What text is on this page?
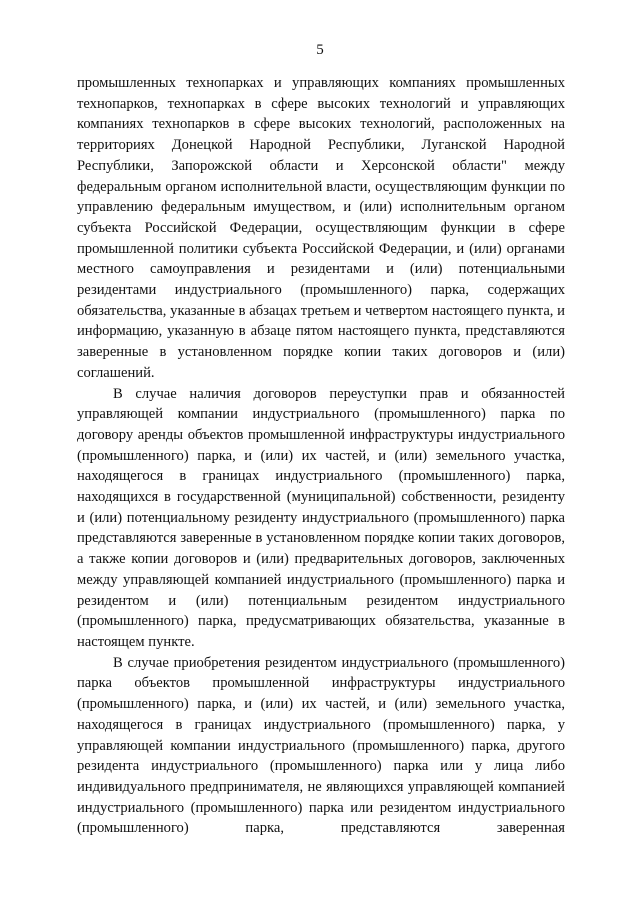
5

промышленных технопарках и управляющих компаниях промышленных технопарков, технопарках в сфере высоких технологий и управляющих компаниях технопарков в сфере высоких технологий, расположенных на территориях Донецкой Народной Республики, Луганской Народной Республики, Запорожской области и Херсонской области" между федеральным органом исполнительной власти, осуществляющим функции по управлению федеральным имуществом, и (или) исполнительным органом субъекта Российской Федерации, осуществляющим функции в сфере промышленной политики субъекта Российской Федерации, и (или) органами местного самоуправления и резидентами и (или) потенциальными резидентами индустриального (промышленного) парка, содержащих обязательства, указанные в абзацах третьем и четвертом настоящего пункта, и информацию, указанную в абзаце пятом настоящего пункта, представляются заверенные в установленном порядке копии таких договоров и (или) соглашений.

В случае наличия договоров переуступки прав и обязанностей управляющей компании индустриального (промышленного) парка по договору аренды объектов промышленной инфраструктуры индустриального (промышленного) парка, и (или) их частей, и (или) земельного участка, находящегося в границах индустриального (промышленного) парка, находящихся в государственной (муниципальной) собственности, резиденту и (или) потенциальному резиденту индустриального (промышленного) парка представляются заверенные в установленном порядке копии таких договоров, а также копии договоров и (или) предварительных договоров, заключенных между управляющей компанией индустриального (промышленного) парка и резидентом и (или) потенциальным резидентом индустриального (промышленного) парка, предусматривающих обязательства, указанные в настоящем пункте.

В случае приобретения резидентом индустриального (промышленного) парка объектов промышленной инфраструктуры индустриального (промышленного) парка, и (или) их частей, и (или) земельного участка, находящегося в границах индустриального (промышленного) парка, у управляющей компании индустриального (промышленного) парка, другого резидента индустриального (промышленного) парка или у лица либо индивидуального предпринимателя, не являющихся управляющей компанией индустриального (промышленного) парка или резидентом индустриального (промышленного) парка, представляются заверенная
